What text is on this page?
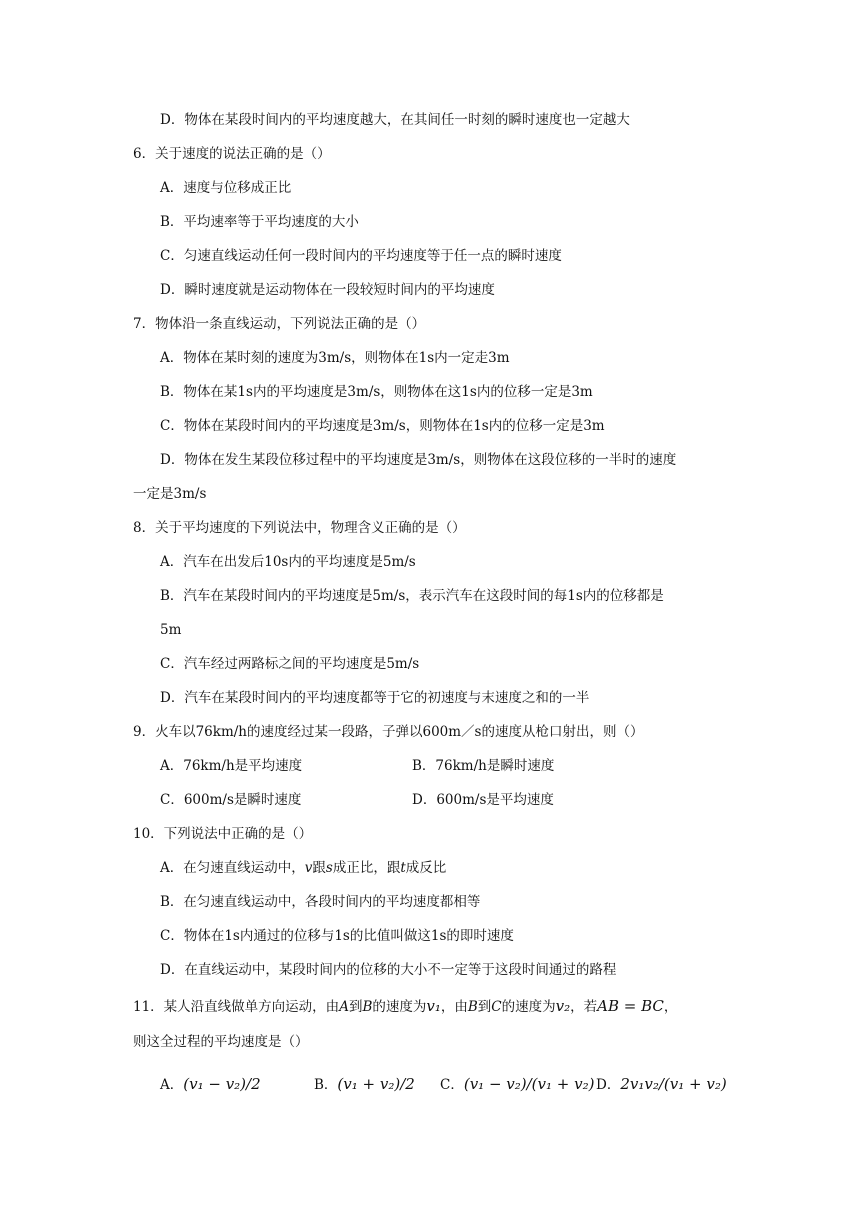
D．物体在某段时间内的平均速度越大，在其间任一时刻的瞬时速度也一定越大
6．关于速度的说法正确的是（）
A．速度与位移成正比
B．平均速率等于平均速度的大小
C．匀速直线运动任何一段时间内的平均速度等于任一点的瞬时速度
D．瞬时速度就是运动物体在一段较短时间内的平均速度
7．物体沿一条直线运动，下列说法正确的是（）
A．物体在某时刻的速度为3m/s，则物体在1s内一定走3m
B．物体在某1s内的平均速度是3m/s，则物体在这1s内的位移一定是3m
C．物体在某段时间内的平均速度是3m/s，则物体在1s内的位移一定是3m
D．物体在发生某段位移过程中的平均速度是3m/s，则物体在这段位移的一半时的速度
一定是3m/s
8．关于平均速度的下列说法中，物理含义正确的是（）
A．汽车在出发后10s内的平均速度是5m/s
B．汽车在某段时间内的平均速度是5m/s，表示汽车在这段时间的每1s内的位移都是
5m
C．汽车经过两路标之间的平均速度是5m/s
D．汽车在某段时间内的平均速度都等于它的初速度与末速度之和的一半
9．火车以76km/h的速度经过某一段路，子弹以600m／s的速度从枪口射出，则（）
A．76km/h是平均速度	B．76km/h是瞬时速度
C．600m/s是瞬时速度	D．600m/s是平均速度
10．下列说法中正确的是（）
A．在匀速直线运动中，v跟s成正比，跟t成反比
B．在匀速直线运动中，各段时间内的平均速度都相等
C．物体在1s内通过的位移与1s的比值叫做这1s的即时速度
D．在直线运动中，某段时间内的位移的大小不一定等于这段时间通过的路程
11．某人沿直线做单方向运动，由A到B的速度为v₁，由B到C的速度为v₂，若AB = BC，
则这全过程的平均速度是（）
A．(v₁ − v₂)/2	B．(v₁ + v₂)/2 C．(v₁ − v₂)/(v₁ + v₂) D．2v₁v₂/(v₁ + v₂)
